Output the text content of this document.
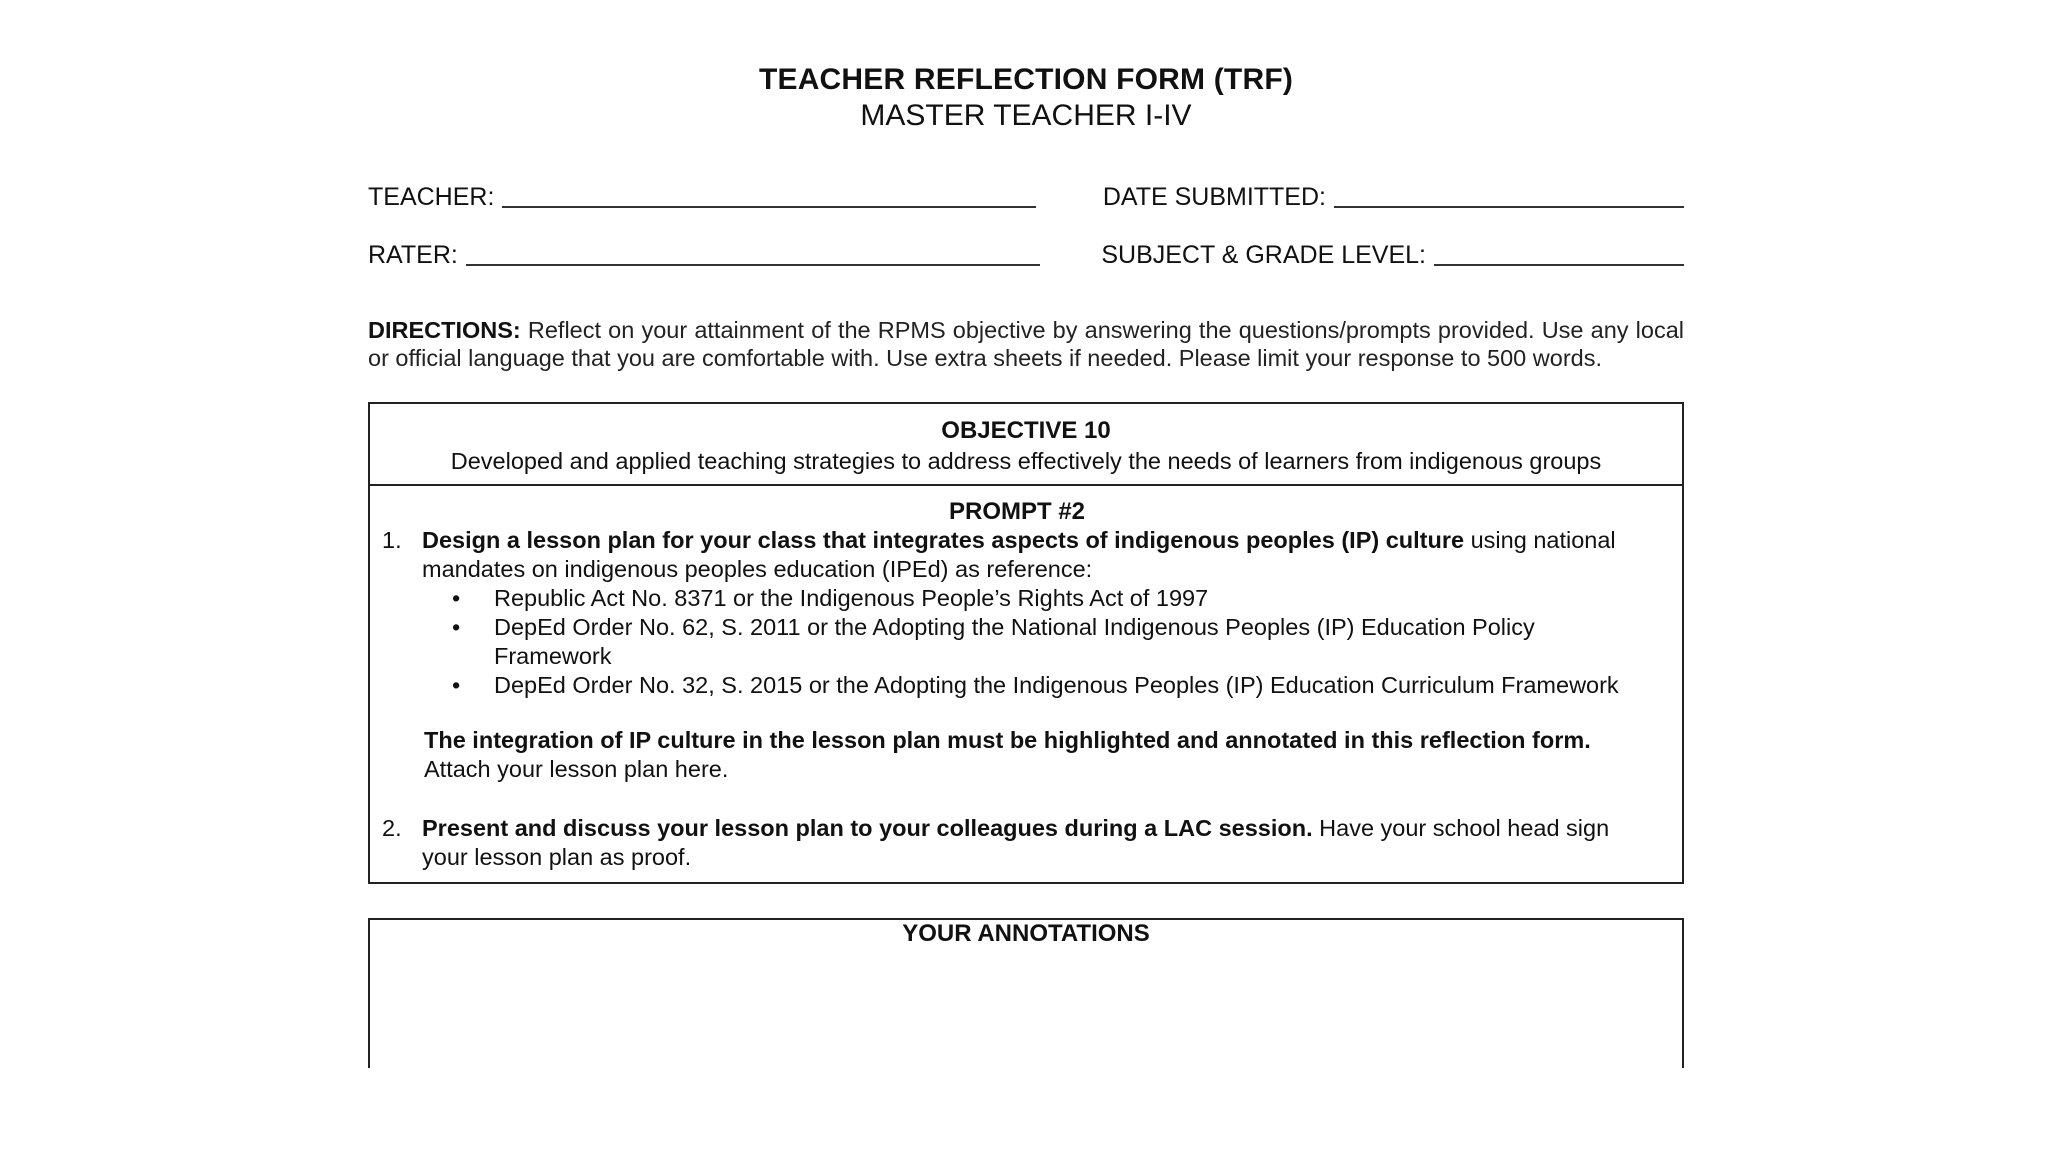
TEACHER REFLECTION FORM (TRF)
MASTER TEACHER I-IV
TEACHER:	DATE SUBMITTED:
RATER:	SUBJECT & GRADE LEVEL:
DIRECTIONS: Reflect on your attainment of the RPMS objective by answering the questions/prompts provided. Use any local or official language that you are comfortable with. Use extra sheets if needed. Please limit your response to 500 words.
OBJECTIVE 10
Developed and applied teaching strategies to address effectively the needs of learners from indigenous groups
PROMPT #2
1. Design a lesson plan for your class that integrates aspects of indigenous peoples (IP) culture using national mandates on indigenous peoples education (IPEd) as reference:
•	Republic Act No. 8371 or the Indigenous People’s Rights Act of 1997
•	DepEd Order No. 62, S. 2011 or the Adopting the National Indigenous Peoples (IP) Education Policy Framework
•	DepEd Order No. 32, S. 2015 or the Adopting the Indigenous Peoples (IP) Education Curriculum Framework
The integration of IP culture in the lesson plan must be highlighted and annotated in this reflection form. Attach your lesson plan here.
2. Present and discuss your lesson plan to your colleagues during a LAC session. Have your school head sign your lesson plan as proof.
YOUR ANNOTATIONS
